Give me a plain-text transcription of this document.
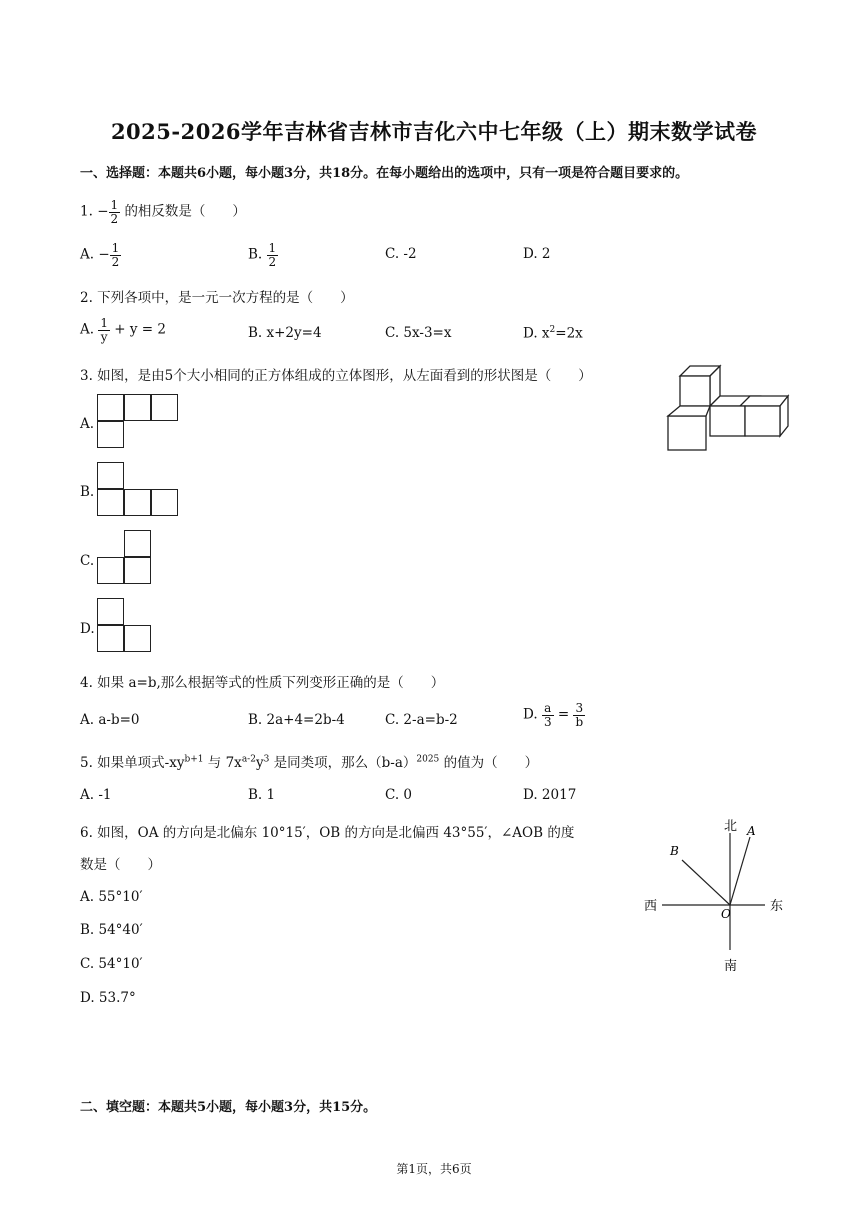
2025-2026学年吉林省吉林市吉化六中七年级（上）期末数学试卷
一、选择题：本题共6小题，每小题3分，共18分。在每小题给出的选项中，只有一项是符合题目要求的。
1. − $\frac{1}{2}$ 的相反数是（　　）
A. − $\frac{1}{2}$	B. $\frac{1}{2}$	C. -2	D. 2
2. 下列各项中，是一元一次方程的是（　　）
A. $\frac{1}{y} + y = 2$	B. x+2y=4	C. 5x-3=x	D. $x^2=2x$
3. 如图，是由5个大小相同的正方体组成的立体图形，从左面看到的形状图是（　　）
A.
B.
C.
D.
4. 如果 a=b,那么根据等式的性质下列变形正确的是（　　）
A. a-b=0	B. 2a+4=2b-4	C. 2-a=b-2	D. $\frac{a}{3} = \frac{3}{b}$
5. 如果单项式$-xy^{b+1}$ 与 $7x^{a-2}y^3$ 是同类项，那么$(b-a)^{2025}$ 的值为（　　）
A. -1	B. 1	C. 0	D. 2017
6. 如图，OA 的方向是北偏东 10°15′，OB 的方向是北偏西 43°55′，∠AOB 的度
数是（　　）
A. 55°10′
B. 54°40′
C. 54°10′
D. 53.7°
北
南
西	东
O
A
B
二、填空题：本题共5小题，每小题3分，共15分。
第1页，共6页
